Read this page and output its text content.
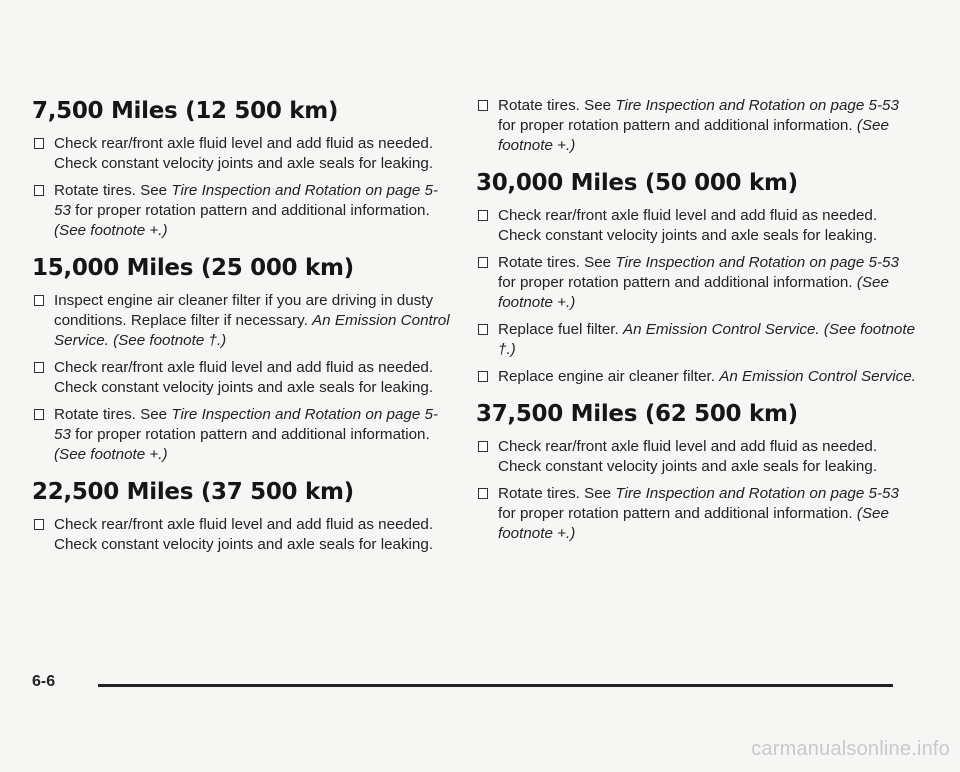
7,500 Miles (12 500 km)
Check rear/front axle fluid level and add fluid as needed. Check constant velocity joints and axle seals for leaking.
Rotate tires. See Tire Inspection and Rotation on page 5-53 for proper rotation pattern and additional information. (See footnote +.)
15,000 Miles (25 000 km)
Inspect engine air cleaner filter if you are driving in dusty conditions. Replace filter if necessary. An Emission Control Service. (See footnote †.)
Check rear/front axle fluid level and add fluid as needed. Check constant velocity joints and axle seals for leaking.
Rotate tires. See Tire Inspection and Rotation on page 5-53 for proper rotation pattern and additional information. (See footnote +.)
22,500 Miles (37 500 km)
Check rear/front axle fluid level and add fluid as needed. Check constant velocity joints and axle seals for leaking.
Rotate tires. See Tire Inspection and Rotation on page 5-53 for proper rotation pattern and additional information. (See footnote +.)
30,000 Miles (50 000 km)
Check rear/front axle fluid level and add fluid as needed. Check constant velocity joints and axle seals for leaking.
Rotate tires. See Tire Inspection and Rotation on page 5-53 for proper rotation pattern and additional information. (See footnote +.)
Replace fuel filter. An Emission Control Service. (See footnote †.)
Replace engine air cleaner filter. An Emission Control Service.
37,500 Miles (62 500 km)
Check rear/front axle fluid level and add fluid as needed. Check constant velocity joints and axle seals for leaking.
Rotate tires. See Tire Inspection and Rotation on page 5-53 for proper rotation pattern and additional information. (See footnote +.)
6-6
carmanualsonline.info
